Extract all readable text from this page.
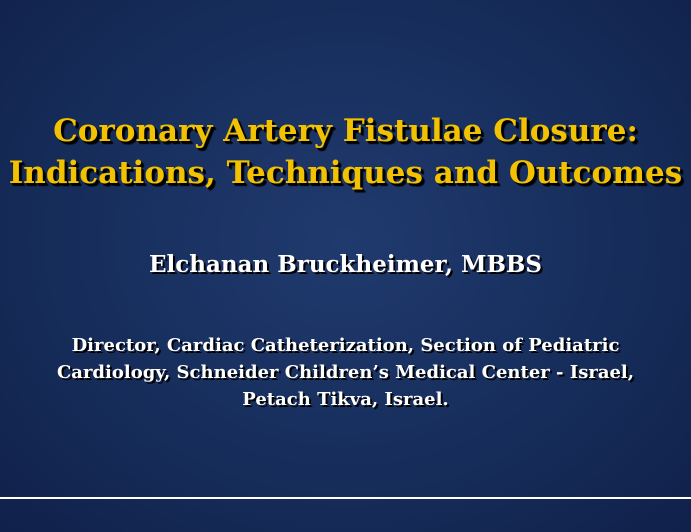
Coronary Artery Fistulae Closure:
Indications, Techniques and Outcomes
Elchanan Bruckheimer, MBBS
Director, Cardiac Catheterization, Section of Pediatric
Cardiology, Schneider Children’s Medical Center - Israel,
Petach Tikva, Israel.
